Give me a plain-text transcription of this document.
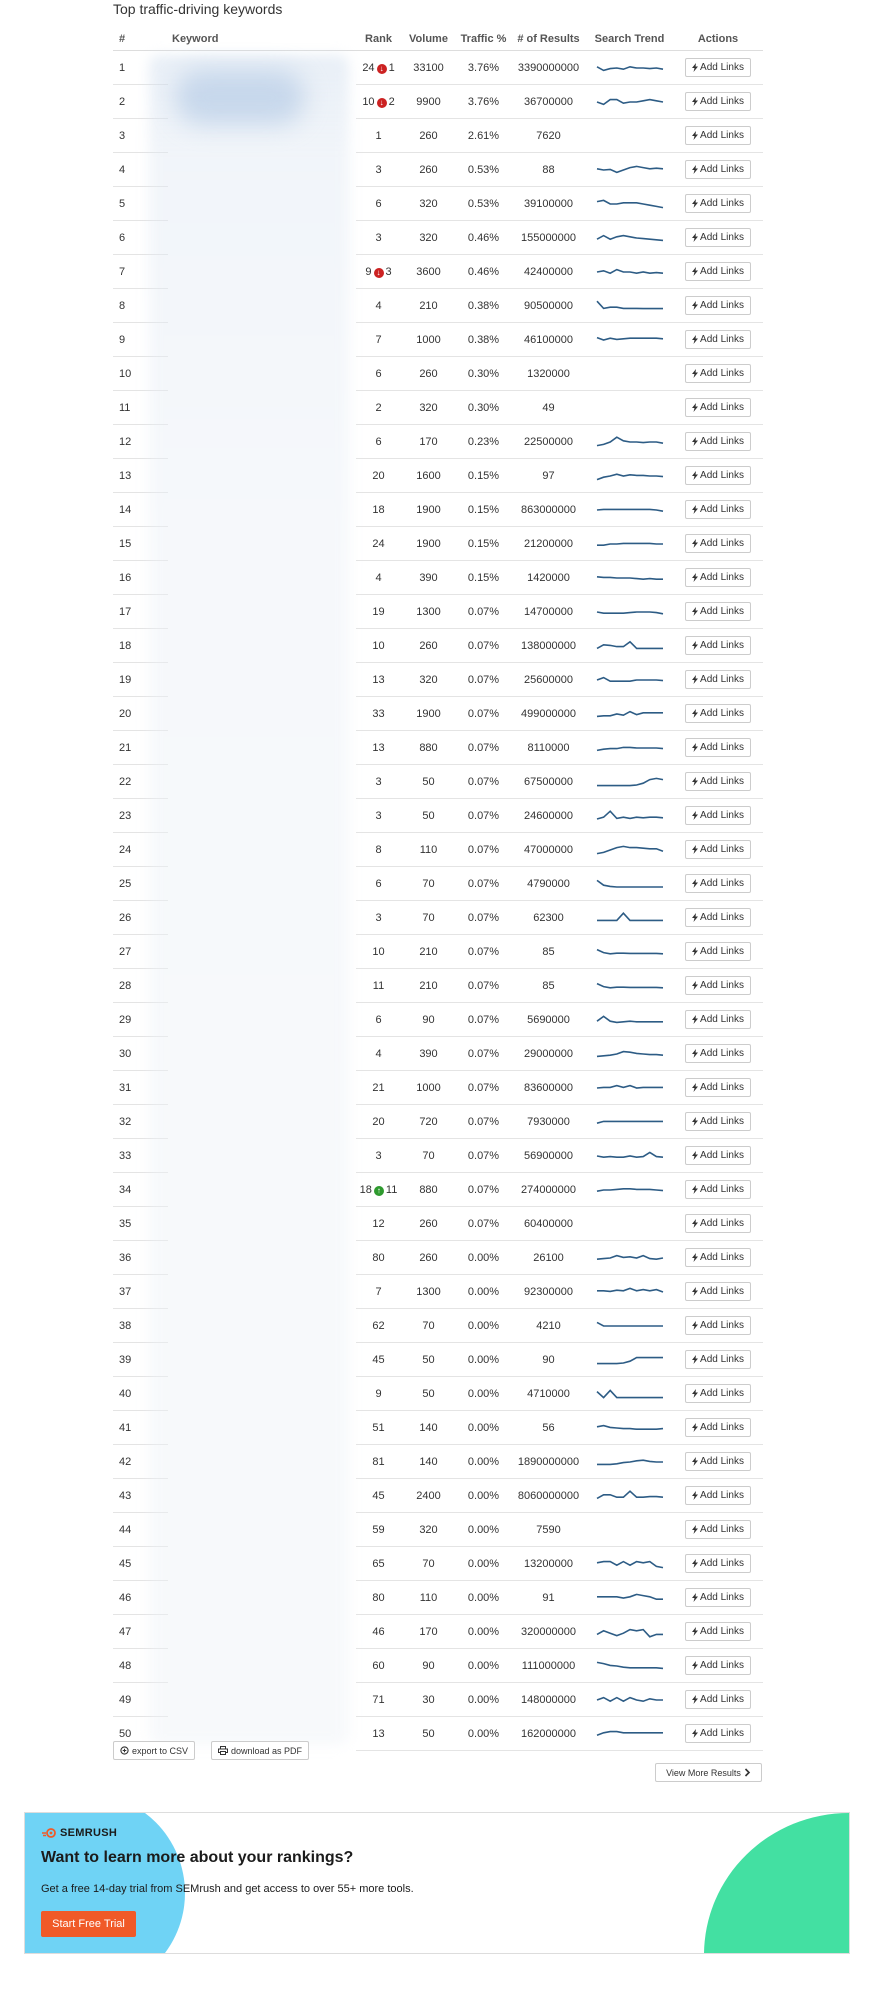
Top traffic-driving keywords
#	Keyword	Rank	Volume	Traffic %	# of Results	Search Trend	Actions
1		24 ↓ 1	33100	3.76%	3390000000		Add Links

2		10 ↓ 2	9900	3.76%	36700000		Add Links

3		1	260	2.61%	7620		Add Links

4		3	260	0.53%	88		Add Links

5		6	320	0.53%	39100000		Add Links

6		3	320	0.46%	155000000		Add Links

7		9 ↓ 3	3600	0.46%	42400000		Add Links

8		4	210	0.38%	90500000		Add Links

9		7	1000	0.38%	46100000		Add Links

10		6	260	0.30%	1320000		Add Links

11		2	320	0.30%	49		Add Links

12		6	170	0.23%	22500000		Add Links

13		20	1600	0.15%	97		Add Links

14		18	1900	0.15%	863000000		Add Links

15		24	1900	0.15%	21200000		Add Links

16		4	390	0.15%	1420000		Add Links

17		19	1300	0.07%	14700000		Add Links

18		10	260	0.07%	138000000		Add Links

19		13	320	0.07%	25600000		Add Links

20		33	1900	0.07%	499000000		Add Links

21		13	880	0.07%	8110000		Add Links

22		3	50	0.07%	67500000		Add Links

23		3	50	0.07%	24600000		Add Links

24		8	110	0.07%	47000000		Add Links

25		6	70	0.07%	4790000		Add Links

26		3	70	0.07%	62300		Add Links

27		10	210	0.07%	85		Add Links

28		11	210	0.07%	85		Add Links

29		6	90	0.07%	5690000		Add Links

30		4	390	0.07%	29000000		Add Links

31		21	1000	0.07%	83600000		Add Links

32		20	720	0.07%	7930000		Add Links

33		3	70	0.07%	56900000		Add Links

34		18 ↑ 11	880	0.07%	274000000		Add Links

35		12	260	0.07%	60400000		Add Links

36		80	260	0.00%	26100		Add Links

37		7	1300	0.00%	92300000		Add Links

38		62	70	0.00%	4210		Add Links

39		45	50	0.00%	90		Add Links

40		9	50	0.00%	4710000		Add Links

41		51	140	0.00%	56		Add Links

42		81	140	0.00%	1890000000		Add Links

43		45	2400	0.00%	8060000000		Add Links

44		59	320	0.00%	7590		Add Links

45		65	70	0.00%	13200000		Add Links

46		80	110	0.00%	91		Add Links

47		46	170	0.00%	320000000		Add Links

48		60	90	0.00%	111000000		Add Links

49		71	30	0.00%	148000000		Add Links

50		13	50	0.00%	162000000		Add Links
export to CSV	download as PDF
View More Results
SEMRUSH
Want to learn more about your rankings?
Get a free 14-day trial from SEMrush and get access to over 55+ more tools.
Start Free Trial
